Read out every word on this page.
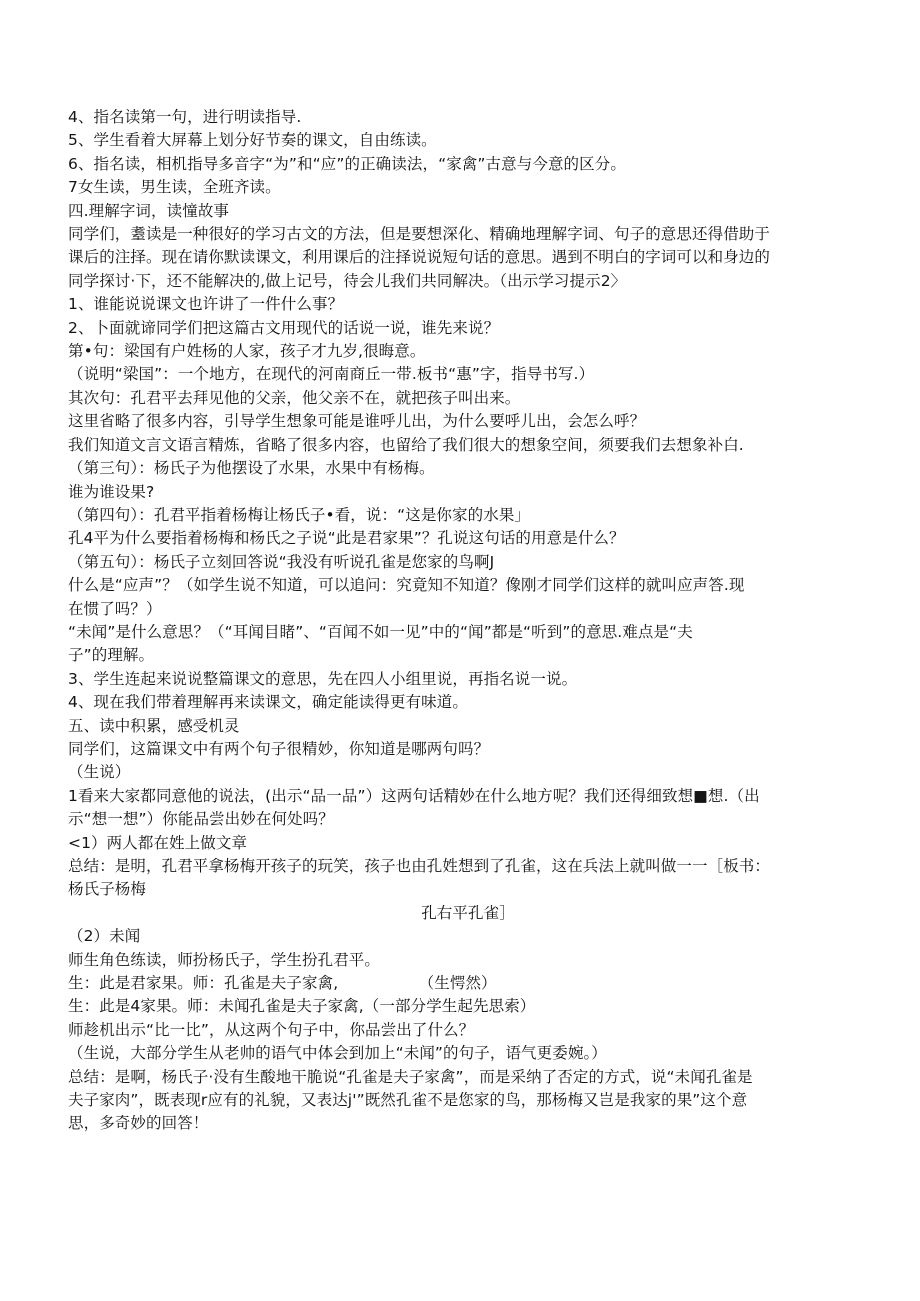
4、指名读第一句，进行明读指导.
5、学生看着大屏幕上划分好节奏的课文，自由练读。
6、指名读，相机指导多音字“为”和“应”的正确读法，“家禽”古意与今意的区分。
7女生读，男生读，全班齐读。
四.理解字词，读憧故事
同学们，耋读是一种很好的学习古文的方法，但是要想深化、精确地理解字词、句子的意思还得借助于
课后的注择。现在请你默读课文，利用课后的注择说说短句话的意思。遇到不明白的字词可以和身边的
同学探讨·下，还不能解决的,做上记号，待会儿我们共同解决。（出示学习提示2〉
1、谁能说说课文也许讲了一件什么事？
2、卜面就谛同学们把这篇古文用现代的话说一说，谁先来说？
第•句：梁国有户姓杨的人家，孩子才九岁,很晦意。
（说明“梁国”：一个地方，在现代的河南商丘一带.板书“惠”字，指导书写.）
其次句：孔君平去拜见他的父亲，他父亲不在，就把孩子叫出来。
这里省略了很多内容，引导学生想象可能是谁呼儿出，为什么要呼儿出，会怎么呼？
我们知道文言文语言精炼，省略了很多内容，也留给了我们很大的想象空间，须要我们去想象补白.
（第三句）：杨氏子为他摆设了水果，水果中有杨梅。
谁为谁设果?
（第四句）：孔君平指着杨梅让杨氏子•看，说：“这是你家的水果」
孔4平为什么要指着杨梅和杨氏之子说“此是君家果”？孔说这句话的用意是什么？
（第五句）：杨氏子立刻回答说“我没有听说孔雀是您家的鸟啊J
什么是“应声”？（如学生说不知道，可以追问：究竟知不知道？像刚才同学们这样的就叫应声答.现
在惯了吗？）
“未闻”是什么意思？（“耳闻目睹”、“百闻不如一见”中的“闻”都是“听到”的意思.难点是“夫
子”的理解。
3、学生连起来说说整篇课文的意思，先在四人小组里说，再指名说一说。
4、现在我们带着理解再来读课文，确定能读得更有味道。
五、读中积累，感受机灵
同学们，这篇课文中有两个句子很精妙，你知道是哪两句吗？
（生说）
1看来大家都同意他的说法，(出示“品一品”）这两句话精妙在什么地方呢？我们还得细致想■想.（出
示“想一想”）你能品尝出妙在何处吗？
<1）两人都在姓上做文章
总结：是明，孔君平拿杨梅开孩子的玩笑，孩子也由孔姓想到了孔雀，这在兵法上就叫做一一［板书：
杨氏子杨梅
孔右平孔雀］
（2）未闻
师生角色练读，师扮杨氏子，学生扮孔君平。
生：此是君家果。师：孔雀是夫子家禽,                （生愕然）
生：此是4家果。师：未闻孔雀是夫子家禽,（一部分学生起先思索）
师趁机出示“比一比”，从这两个句子中，你品尝出了什么？
（生说，大部分学生从老帅的语气中体会到加上“未闻”的句子，语气更委婉。）
总结：是啊，杨氏子·没有生酸地干脆说“孔雀是夫子家禽”，而是采纳了否定的方式，说“未闻孔雀是
夫子家肉”，既表现r应有的礼貌，又表达j'”既然孔雀不是您家的鸟，那杨梅又岂是我家的果”这个意
思，多奇妙的回答！
